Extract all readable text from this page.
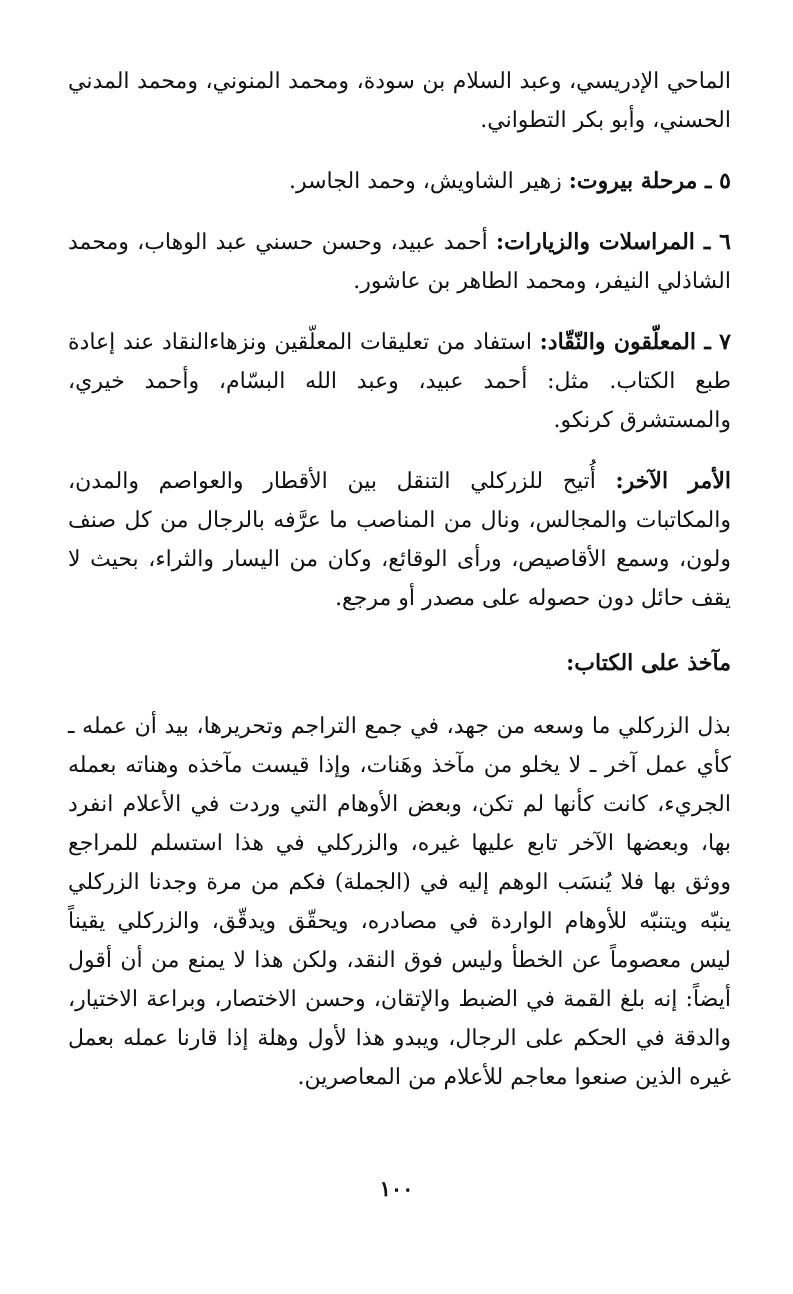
الماحي الإدريسي، وعبد السلام بن سودة، ومحمد المنوني، ومحمد المدني الحسني، وأبو بكر التطواني.

٥ ـ مرحلة بيروت: زهير الشاويش، وحمد الجاسر.

٦ ـ المراسلات والزيارات: أحمد عبيد، وحسن حسني عبد الوهاب، ومحمد الشاذلي النيفر، ومحمد الطاهر بن عاشور.

٧ ـ المعلّقون والنّقّاد: استفاد من تعليقات المعلّقين ونزهاءالنقاد عند إعادة طبع الكتاب. مثل: أحمد عبيد، وعبد الله البسّام، وأحمد خيري، والمستشرق كرنكو.

الأمر الآخر: أُتيح للزركلي التنقل بين الأقطار والعواصم والمدن، والمكاتبات والمجالس، ونال من المناصب ما عرَّفه بالرجال من كل صنف ولون، وسمع الأقاصيص، ورأى الوقائع، وكان من اليسار والثراء، بحيث لا يقف حائل دون حصوله على مصدر أو مرجع.

مآخذ على الكتاب:

بذل الزركلي ما وسعه من جهد، في جمع التراجم وتحريرها، بيد أن عمله ـ كأي عمل آخر ـ لا يخلو من مآخذ وهَنات، وإذا قيست مآخذه وهناته بعمله الجريء، كانت كأنها لم تكن، وبعض الأوهام التي وردت في الأعلام انفرد بها، وبعضها الآخر تابع عليها غيره، والزركلي في هذا استسلم للمراجع ووثق بها فلا يُنسَب الوهم إليه في (الجملة) فكم من مرة وجدنا الزركلي ينبّه ويتنبّه للأوهام الواردة في مصادره، ويحقّق ويدقّق، والزركلي يقيناً ليس معصوماً عن الخطأ وليس فوق النقد، ولكن هذا لا يمنع من أن أقول أيضاً: إنه بلغ القمة في الضبط والإتقان، وحسن الاختصار، وبراعة الاختيار، والدقة في الحكم على الرجال، ويبدو هذا لأول وهلة إذا قارنا عمله بعمل غيره الذين صنعوا معاجم للأعلام من المعاصرين.

١٠٠
